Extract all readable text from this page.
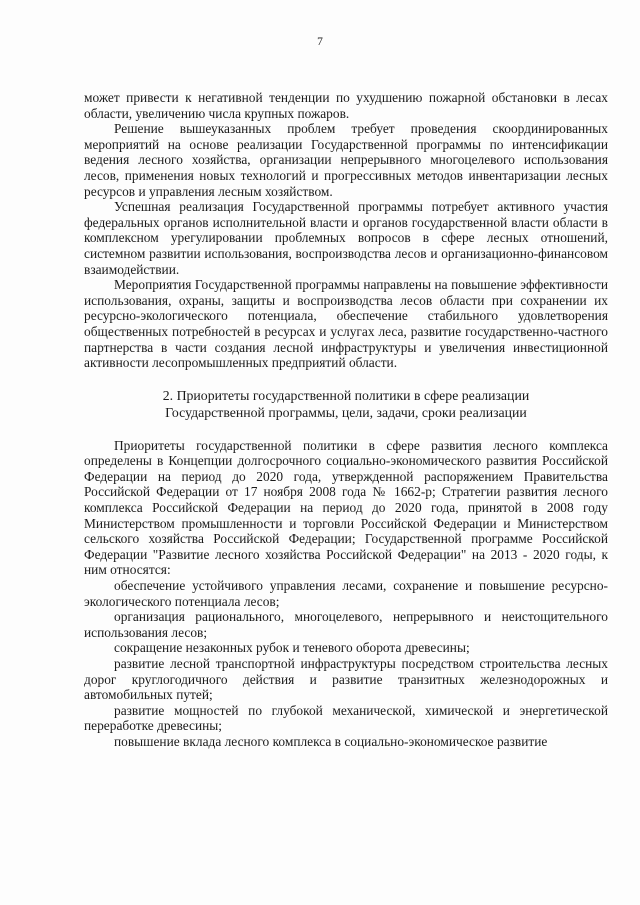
7

может привести к негативной тенденции по ухудшению пожарной обстановки в лесах области, увеличению числа крупных пожаров.

Решение вышеуказанных проблем требует проведения скоординированных мероприятий на основе реализации Государственной программы по интенсификации ведения лесного хозяйства, организации непрерывного многоцелевого использования лесов, применения новых технологий и прогрессивных методов инвентаризации лесных ресурсов и управления лесным хозяйством.

Успешная реализация Государственной программы потребует активного участия федеральных органов исполнительной власти и органов государственной власти области в комплексном урегулировании проблемных вопросов в сфере лесных отношений, системном развитии использования, воспроизводства лесов и организационно-финансовом взаимодействии.

Мероприятия Государственной программы направлены на повышение эффективности использования, охраны, защиты и воспроизводства лесов области при сохранении их ресурсно-экологического потенциала, обеспечение стабильного удовлетворения общественных потребностей в ресурсах и услугах леса, развитие государственно-частного партнерства в части создания лесной инфраструктуры и увеличения инвестиционной активности лесопромышленных предприятий области.

2. Приоритеты государственной политики в сфере реализации
Государственной программы, цели, задачи, сроки реализации

Приоритеты государственной политики в сфере развития лесного комплекса определены в Концепции долгосрочного социально-экономического развития Российской Федерации на период до 2020 года, утвержденной распоряжением Правительства Российской Федерации от 17 ноября 2008 года № 1662-р; Стратегии развития лесного комплекса Российской Федерации на период до 2020 года, принятой в 2008 году Министерством промышленности и торговли Российской Федерации и Министерством сельского хозяйства Российской Федерации; Государственной программе Российской Федерации "Развитие лесного хозяйства Российской Федерации" на 2013 - 2020 годы, к ним относятся:

обеспечение устойчивого управления лесами, сохранение и повышение ресурсно-экологического потенциала лесов;

организация рационального, многоцелевого, непрерывного и неистощительного использования лесов;

сокращение незаконных рубок и теневого оборота древесины;

развитие лесной транспортной инфраструктуры посредством строительства лесных дорог круглогодичного действия и развитие транзитных железнодорожных и автомобильных путей;

развитие мощностей по глубокой механической, химической и энергетической переработке древесины;

повышение вклада лесного комплекса в социально-экономическое развитие
